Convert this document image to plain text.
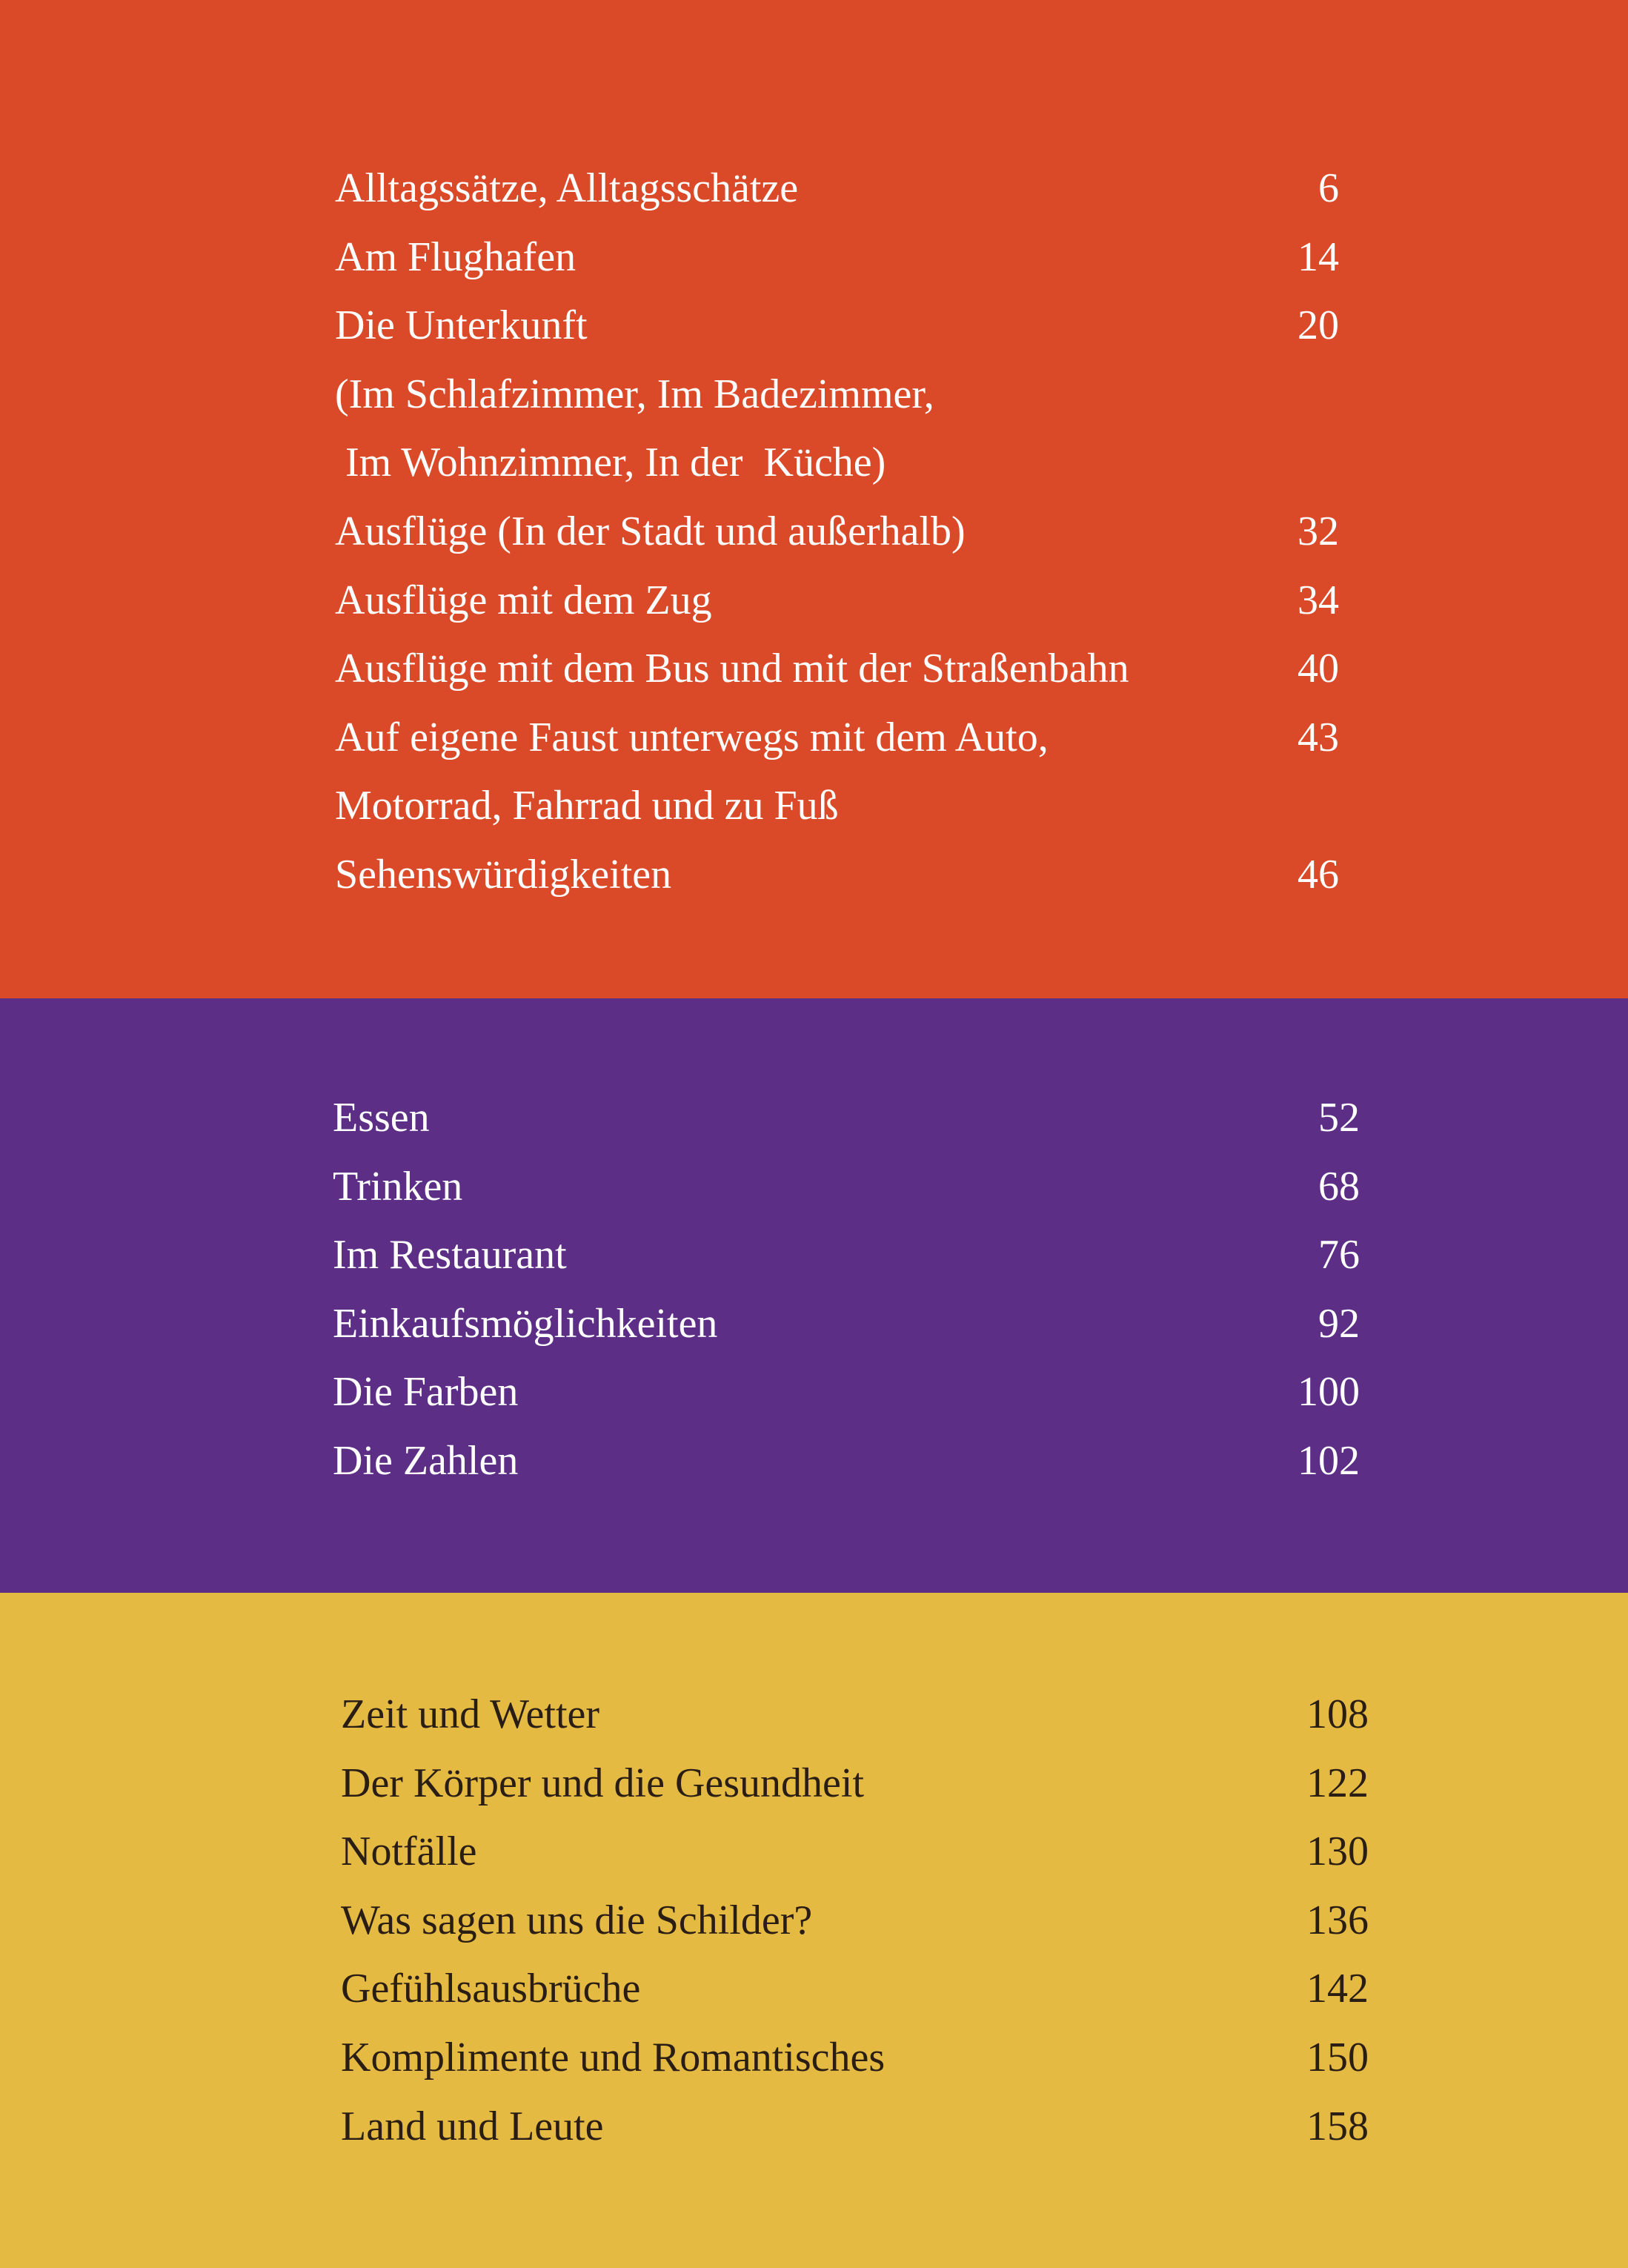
Alltagssätze, Alltagsschätze	6
Am Flughafen	14
Die Unterkunft	20
(Im Schlafzimmer, Im Badezimmer,
Im Wohnzimmer, In der  Küche)
Ausflüge (In der Stadt und außerhalb)	32
Ausflüge mit dem Zug	34
Ausflüge mit dem Bus und mit der Straßenbahn	40
Auf eigene Faust unterwegs mit dem Auto,	43
Motorrad, Fahrrad und zu Fuß
Sehenswürdigkeiten	46
Essen	52
Trinken	68
Im Restaurant	76
Einkaufsmöglichkeiten	92
Die Farben	100
Die Zahlen	102
Zeit und Wetter	108
Der Körper und die Gesundheit	122
Notfälle	130
Was sagen uns die Schilder?	136
Gefühlsausbrüche	142
Komplimente und Romantisches	150
Land und Leute	158
